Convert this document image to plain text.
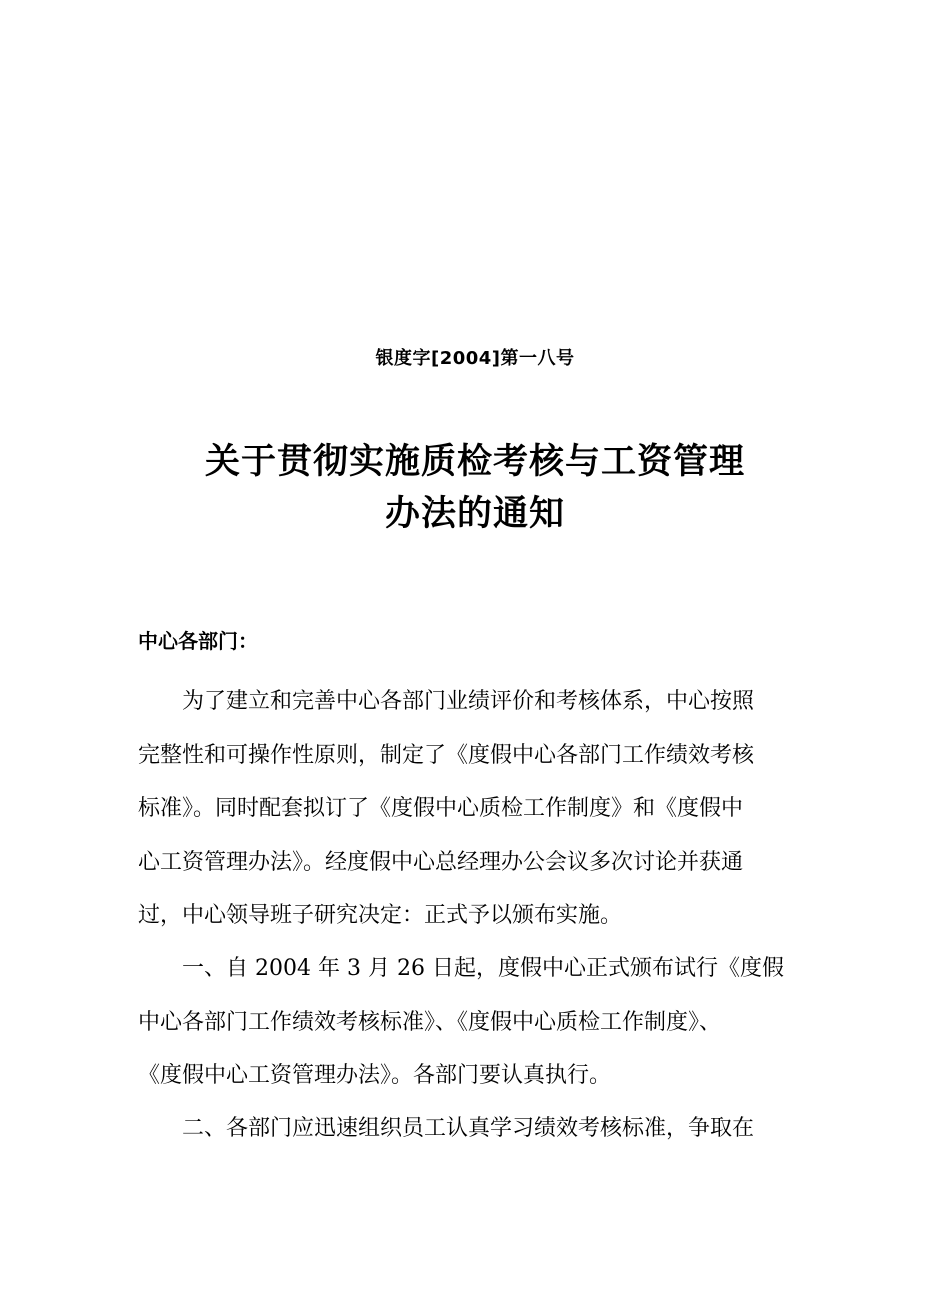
银度字[2004]第一八号
关于贯彻实施质检考核与工资管理
办法的通知
中心各部门：
　　为了建立和完善中心各部门业绩评价和考核体系，中心按照
完整性和可操作性原则，制定了《度假中心各部门工作绩效考核
标准》。同时配套拟订了《度假中心质检工作制度》和《度假中
心工资管理办法》。经度假中心总经理办公会议多次讨论并获通
过，中心领导班子研究决定：正式予以颁布实施。
　　一、自 2004 年 3 月 26 日起，度假中心正式颁布试行《度假
中心各部门工作绩效考核标准》、《度假中心质检工作制度》、
《度假中心工资管理办法》。各部门要认真执行。
　　二、各部门应迅速组织员工认真学习绩效考核标准，争取在
